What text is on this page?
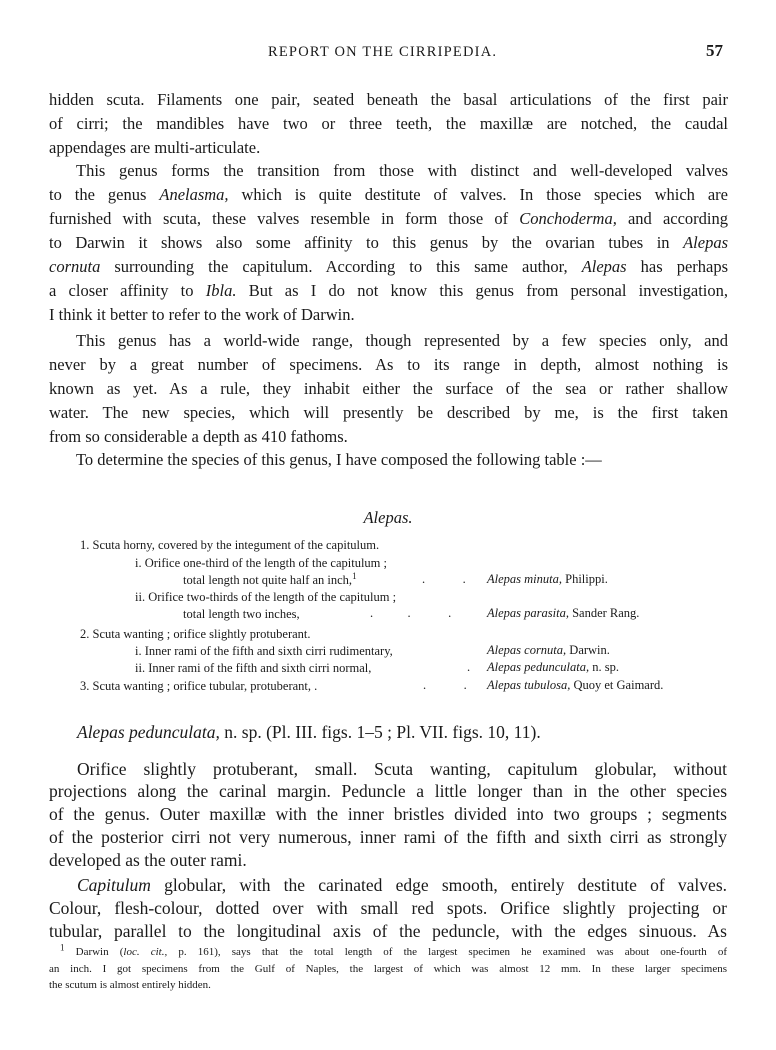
REPORT ON THE CIRRIPEDIA.	57
hidden scuta. Filaments one pair, seated beneath the basal articulations of the first pair
of cirri; the mandibles have two or three teeth, the maxillæ are notched, the caudal
appendages are multi-articulate.
This genus forms the transition from those with distinct and well-developed valves
to the genus Anelasma, which is quite destitute of valves. In those species which are
furnished with scuta, these valves resemble in form those of Conchoderma, and according
to Darwin it shows also some affinity to this genus by the ovarian tubes in Alepas
cornuta surrounding the capitulum. According to this same author, Alepas has perhaps
a closer affinity to Ibla. But as I do not know this genus from personal investigation,
I think it better to refer to the work of Darwin.
This genus has a world-wide range, though represented by a few species only, and
never by a great number of specimens. As to its range in depth, almost nothing is
known as yet. As a rule, they inhabit either the surface of the sea or rather shallow
water. The new species, which will presently be described by me, is the first taken
from so considerable a depth as 410 fathoms.
To determine the species of this genus, I have composed the following table :—
Alepas.
1. Scuta horny, covered by the integument of the capitulum.
i. Orifice one-third of the length of the capitulum ;
total length not quite half an inch,$^1$	.            . Alepas minuta, Philippi.
ii. Orifice two-thirds of the length of the capitulum ;
total length two inches,	.           .            .	Alepas parasita, Sander Rang.
2. Scuta wanting ; orifice slightly protuberant.
i. Inner rami of the fifth and sixth cirri rudimentary,	Alepas cornuta, Darwin.
ii. Inner rami of the fifth and sixth cirri normal,	. Alepas pedunculata, n. sp.
3. Scuta wanting ; orifice tubular, protuberant, .	.            . Alepas tubulosa, Quoy et Gaimard.
Alepas pedunculata, n. sp. (Pl. III. figs. 1–5 ; Pl. VII. figs. 10, 11).
Orifice slightly protuberant, small. Scuta wanting, capitulum globular, without
projections along the carinal margin. Peduncle a little longer than in the other species
of the genus. Outer maxillæ with the inner bristles divided into two groups ; segments
of the posterior cirri not very numerous, inner rami of the fifth and sixth cirri as strongly
developed as the outer rami.
Capitulum globular, with the carinated edge smooth, entirely destitute of valves.
Colour, flesh-colour, dotted over with small red spots. Orifice slightly projecting or
tubular, parallel to the longitudinal axis of the peduncle, with the edges sinuous. As
$^1$ Darwin (loc. cit., p. 161), says that the total length of the largest specimen he examined was about one-fourth of
an inch. I got specimens from the Gulf of Naples, the largest of which was almost 12 mm. In these larger specimens
the scutum is almost entirely hidden.
